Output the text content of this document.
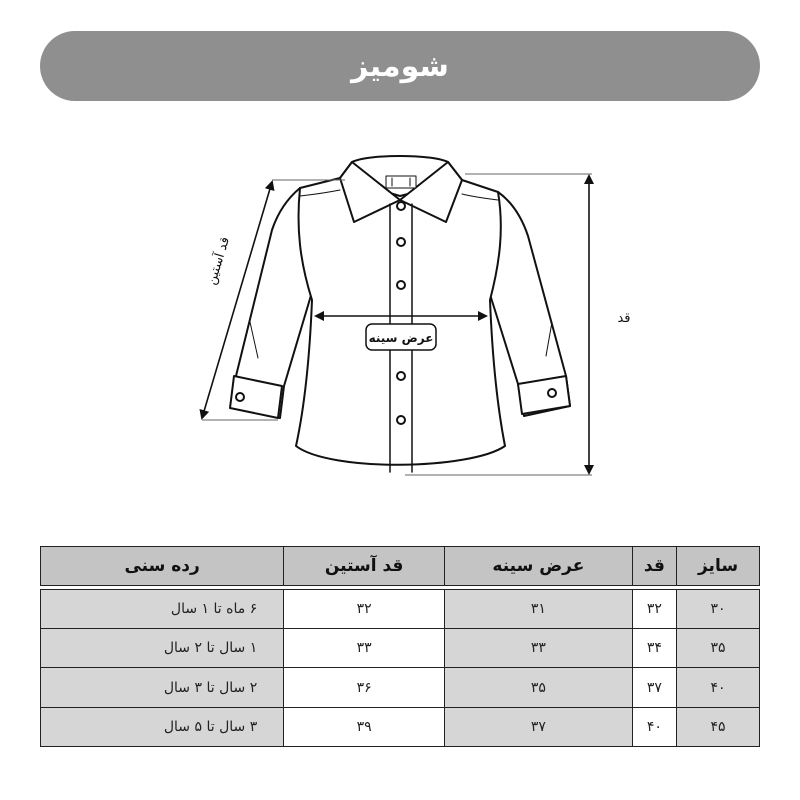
شومیز
قد آستین
قد
عرض سینه
سایز	قد	عرض سینه	قد آستین	رده سنی

۳۰	۳۲	۳۱	۳۲	۶ ماه تا ۱ سال
۳۵	۳۴	۳۳	۳۳	۱ سال تا ۲ سال
۴۰	۳۷	۳۵	۳۶	۲ سال تا ۳ سال
۴۵	۴۰	۳۷	۳۹	۳ سال تا ۵ سال
